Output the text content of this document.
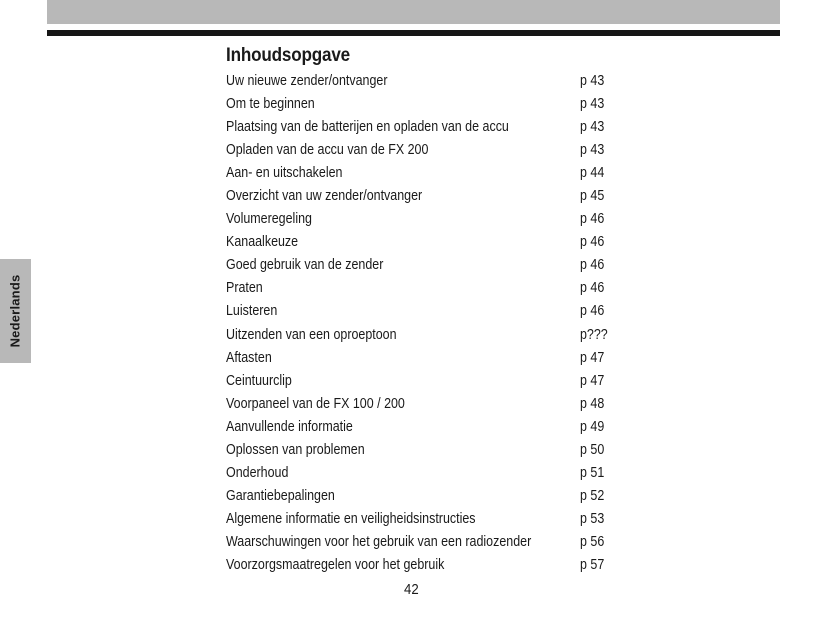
Nederlands
Inhoudsopgave
Uw nieuwe zender/ontvanger	p 43
Om te beginnen	p 43
Plaatsing van de batterijen en opladen van de accu	p 43
Opladen van de accu van de FX 200	p 43
Aan- en uitschakelen	p 44
Overzicht van uw zender/ontvanger	p 45
Volumeregeling	p 46
Kanaalkeuze	p 46
Goed gebruik van de zender	p 46
Praten	p 46
Luisteren	p 46
Uitzenden van een oproeptoon	p???
Aftasten	p 47
Ceintuurclip	p 47
Voorpaneel van de FX 100 / 200	p 48
Aanvullende informatie	p 49
Oplossen van problemen	p 50
Onderhoud	p 51
Garantiebepalingen	p 52
Algemene informatie en veiligheidsinstructies	p 53
Waarschuwingen voor het gebruik van een radiozender	p 56
Voorzorgsmaatregelen voor het gebruik	p 57
42
